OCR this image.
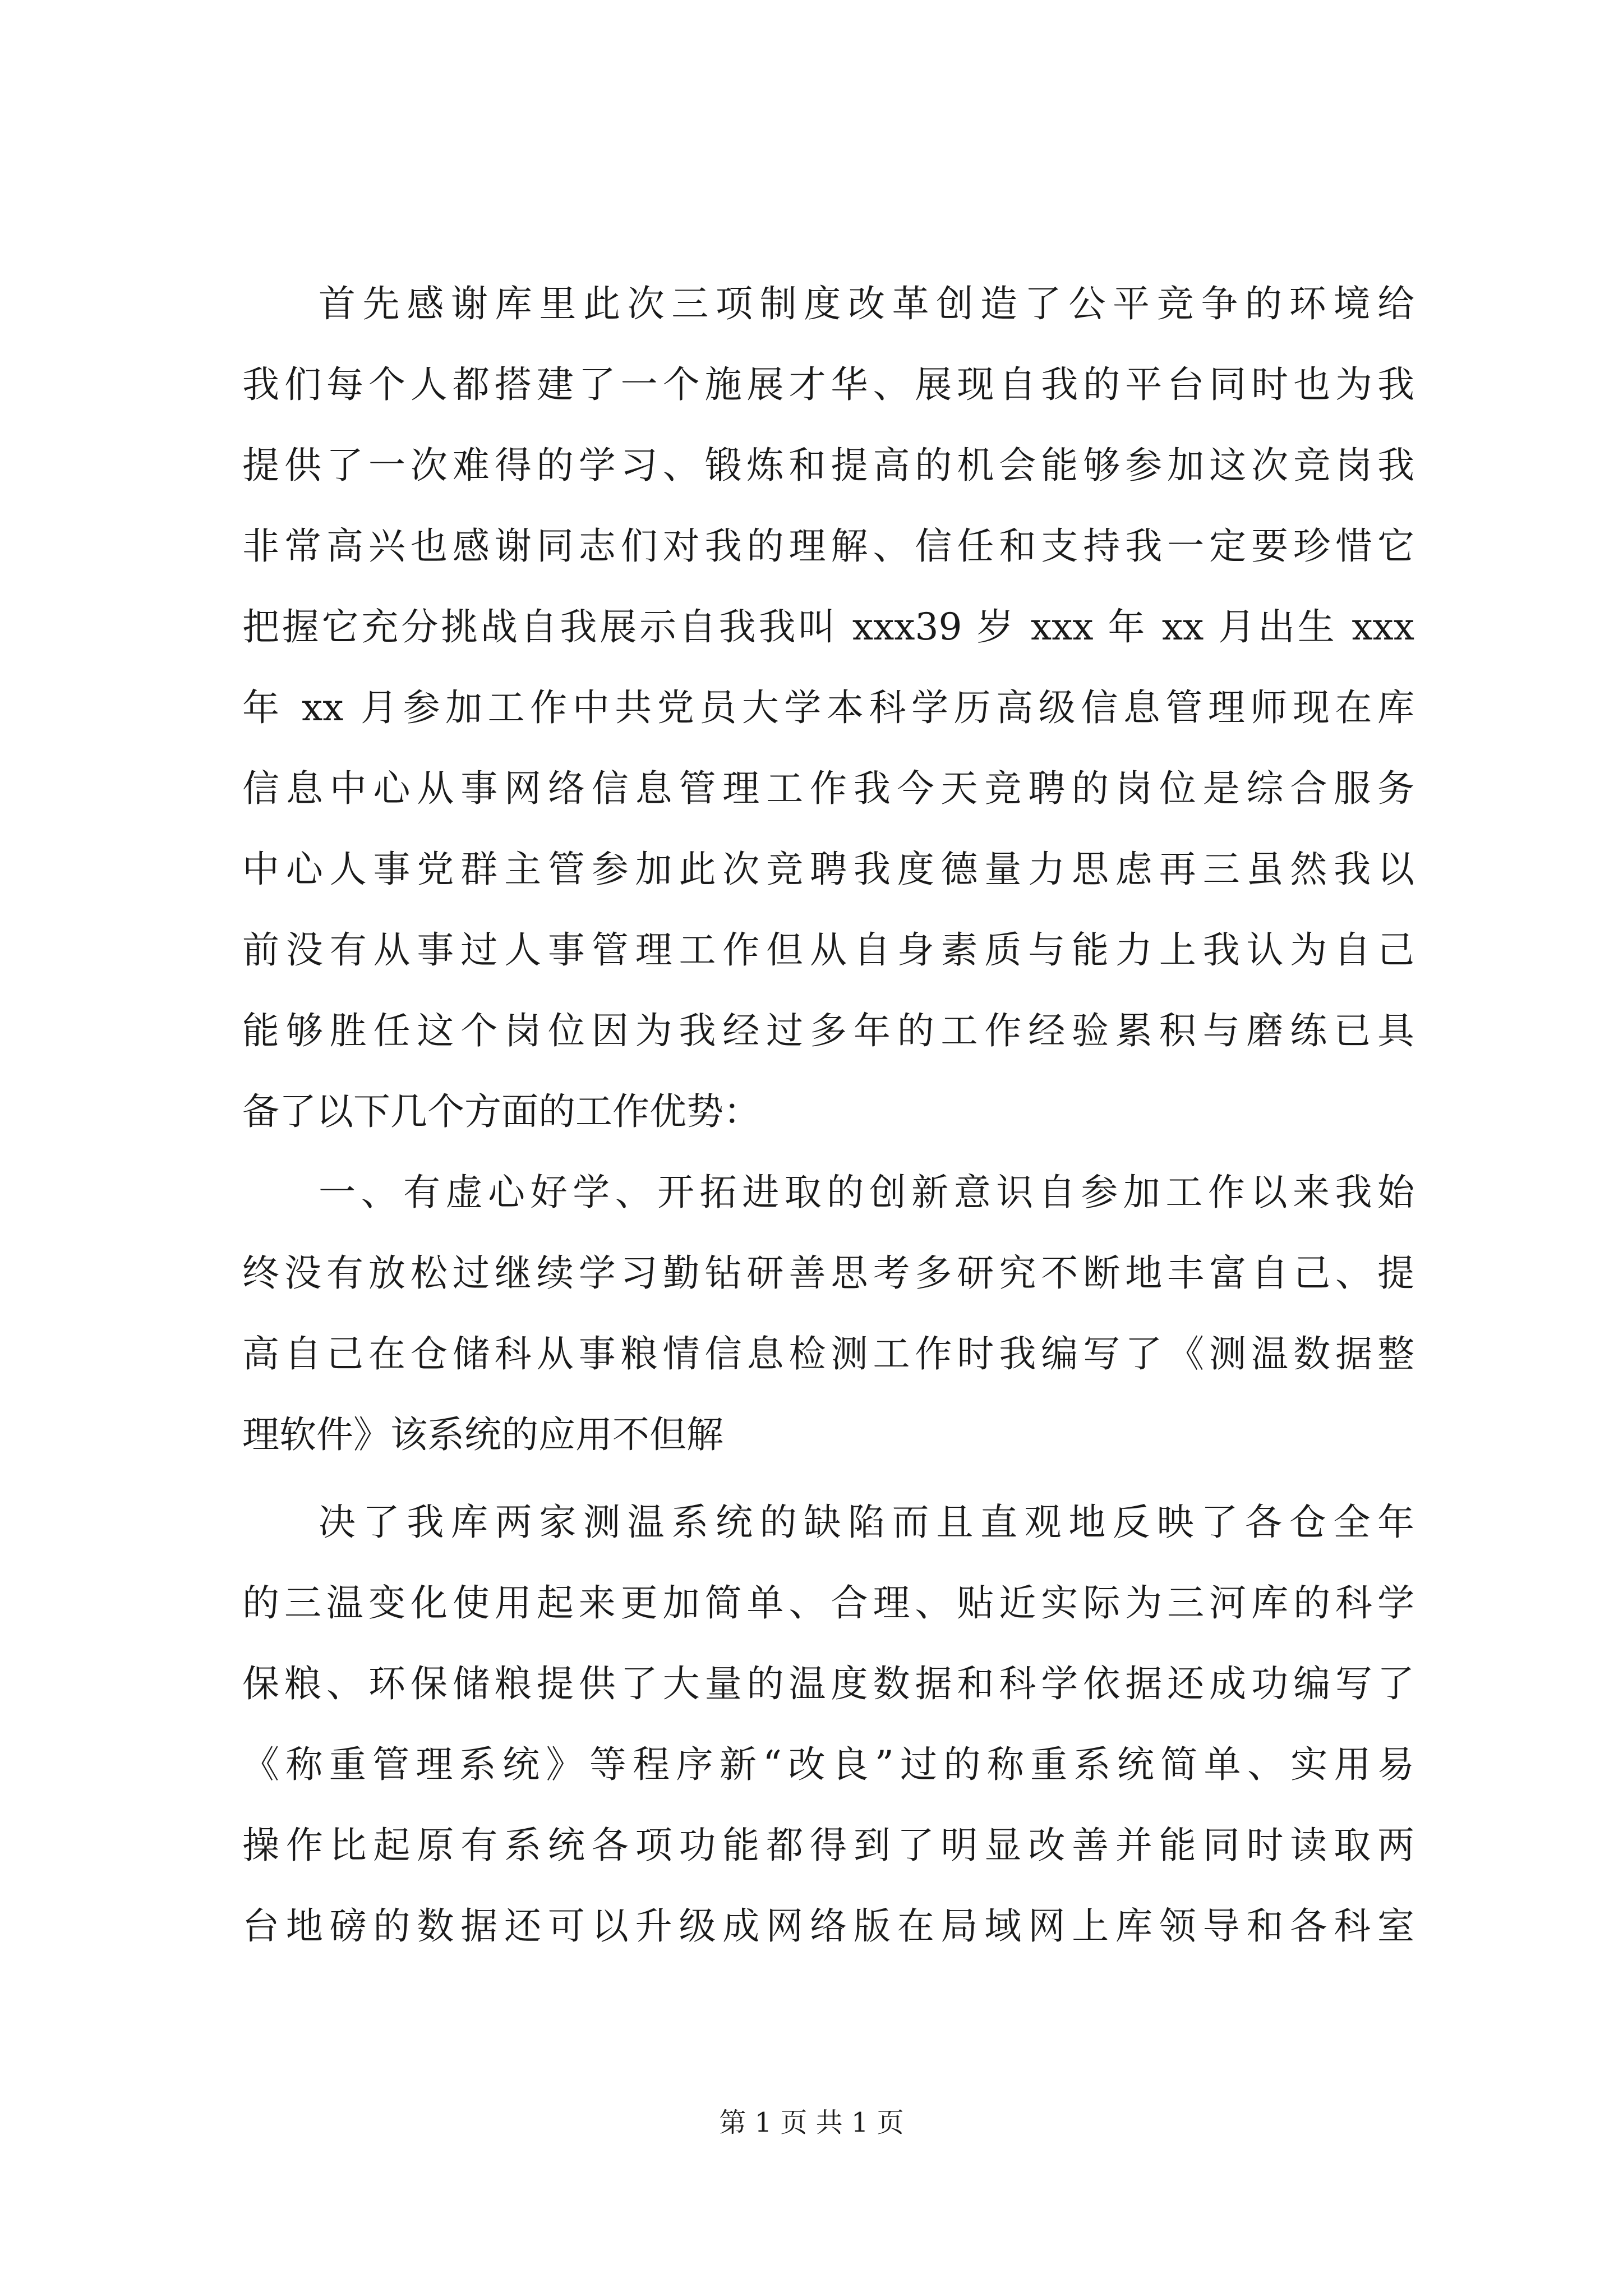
首先感谢库里此次三项制度改革创造了公平竞争的环境给
我们每个人都搭建了一个施展才华、展现自我的平台同时也为我
提供了一次难得的学习、锻炼和提高的机会能够参加这次竞岗我
非常高兴也感谢同志们对我的理解、信任和支持我一定要珍惜它
把握它充分挑战自我展示自我我叫 xxx39 岁 xxx 年 xx 月出生 xxx
年 xx 月参加工作中共党员大学本科学历高级信息管理师现在库
信息中心从事网络信息管理工作我今天竞聘的岗位是综合服务
中心人事党群主管参加此次竞聘我度德量力思虑再三虽然我以
前没有从事过人事管理工作但从自身素质与能力上我认为自己
能够胜任这个岗位因为我经过多年的工作经验累积与磨练已具
备了以下几个方面的工作优势：
一、有虚心好学、开拓进取的创新意识自参加工作以来我始
终没有放松过继续学习勤钻研善思考多研究不断地丰富自己、提
高自己在仓储科从事粮情信息检测工作时我编写了《测温数据整
理软件》该系统的应用不但解
决了我库两家测温系统的缺陷而且直观地反映了各仓全年
的三温变化使用起来更加简单、合理、贴近实际为三河库的科学
保粮、环保储粮提供了大量的温度数据和科学依据还成功编写了
《称重管理系统》等程序新“改良”过的称重系统简单、实用易
操作比起原有系统各项功能都得到了明显改善并能同时读取两
台地磅的数据还可以升级成网络版在局域网上库领导和各科室
第 1 页 共 1 页
